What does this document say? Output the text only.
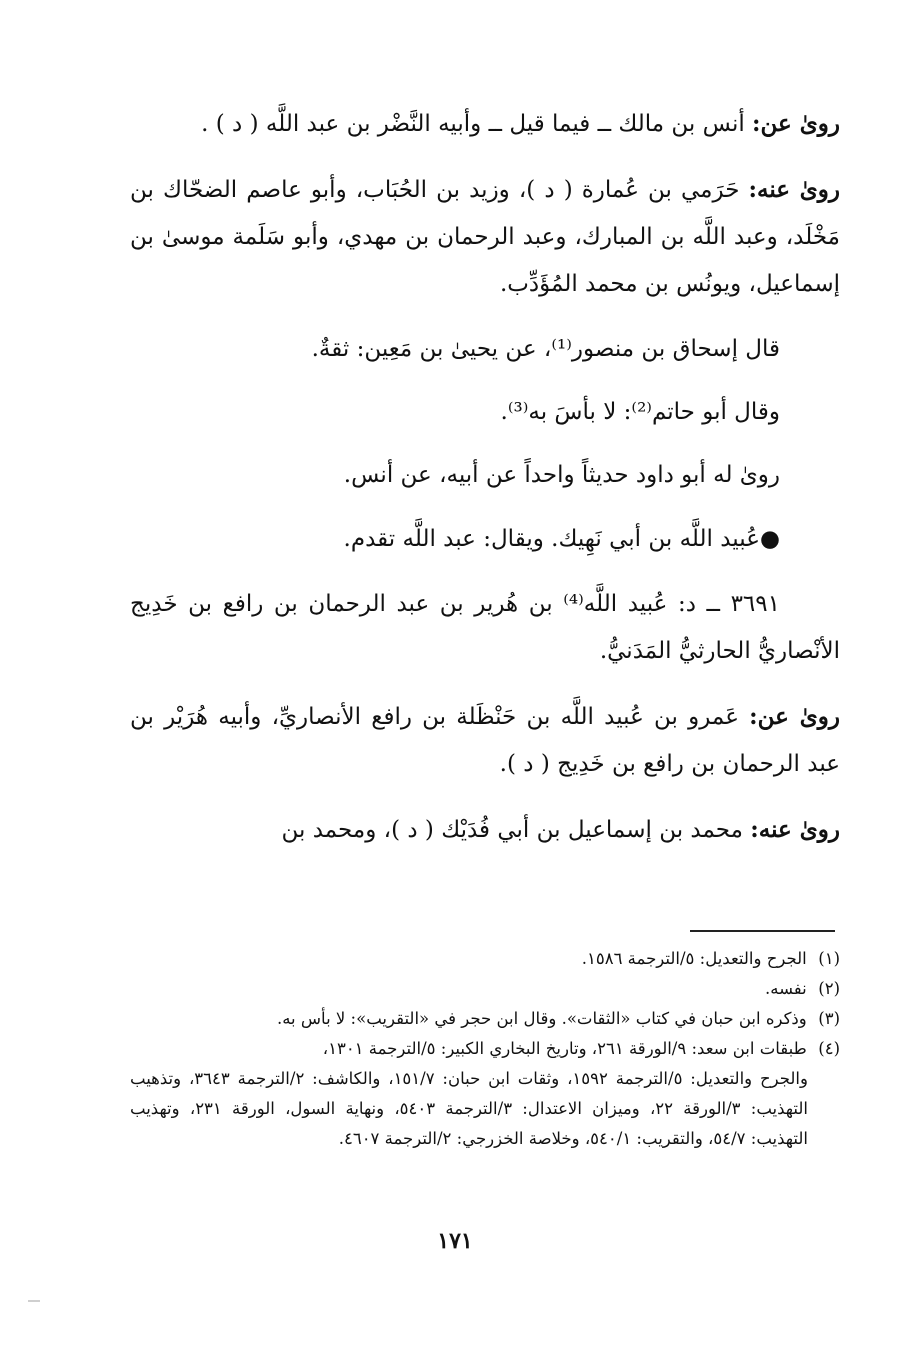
رویٰ عن: أنس بن مالك ــ فيما قيل ــ وأبيه النَّضْر بن عبد اللَّه ( د ) .

رویٰ عنه: حَرَمي بن عُمارة ( د )، وزيد بن الحُبَاب، وأبو عاصم الضحّاك بن مَخْلَد، وعبد اللَّه بن المبارك، وعبد الرحمان بن مهدي، وأبو سَلَمة موسیٰ بن إسماعيل، ويونُس بن محمد المُؤَدِّب.

قال إسحاق بن منصور⁽¹⁾، عن يحيیٰ بن مَعِين: ثقةٌ.

وقال أبو حاتم⁽²⁾: لا بأسَ به⁽³⁾.

رویٰ له أبو داود حديثاً واحداً عن أبيه، عن أنس.

●عُبيد اللَّه بن أبي نَهِيك. ويقال: عبد اللَّه تقدم.

٣٦٩١ ــ د: عُبيد اللَّه⁽⁴⁾ بن هُرير بن عبد الرحمان بن رافع بن خَدِيج الأنْصاريُّ الحارثيُّ المَدَنيُّ.

رویٰ عن: عَمرو بن عُبيد اللَّه بن حَنْظَلة بن رافع الأنصاريِّ، وأبيه هُرَيْر بن عبد الرحمان بن رافع بن خَدِيج ( د ).

رویٰ عنه: محمد بن إسماعيل بن أبي فُدَيْك ( د )، ومحمد بن

(١) الجرح والتعديل: ٥/الترجمة ١٥٨٦.

(٢) نفسه.

(٣) وذكره ابن حبان في كتاب «الثقات». وقال ابن حجر في «التقريب»: لا بأس به.

(٤) طبقات ابن سعد: ٩/الورقة ٢٦١، وتاريخ البخاري الكبير: ٥/الترجمة ١٣٠١،

والجرح والتعديل: ٥/الترجمة ١٥٩٢، وثقات ابن حبان: ١٥١/٧، والكاشف: ٢/الترجمة ٣٦٤٣، وتذهيب التهذيب: ٣/الورقة ٢٢، وميزان الاعتدال: ٣/الترجمة ٥٤٠٣، ونهاية السول، الورقة ٢٣١، وتهذيب التهذيب: ٥٤/٧، والتقريب: ٥٤٠/١، وخلاصة الخزرجي: ٢/الترجمة ٤٦٠٧.

١٧١
